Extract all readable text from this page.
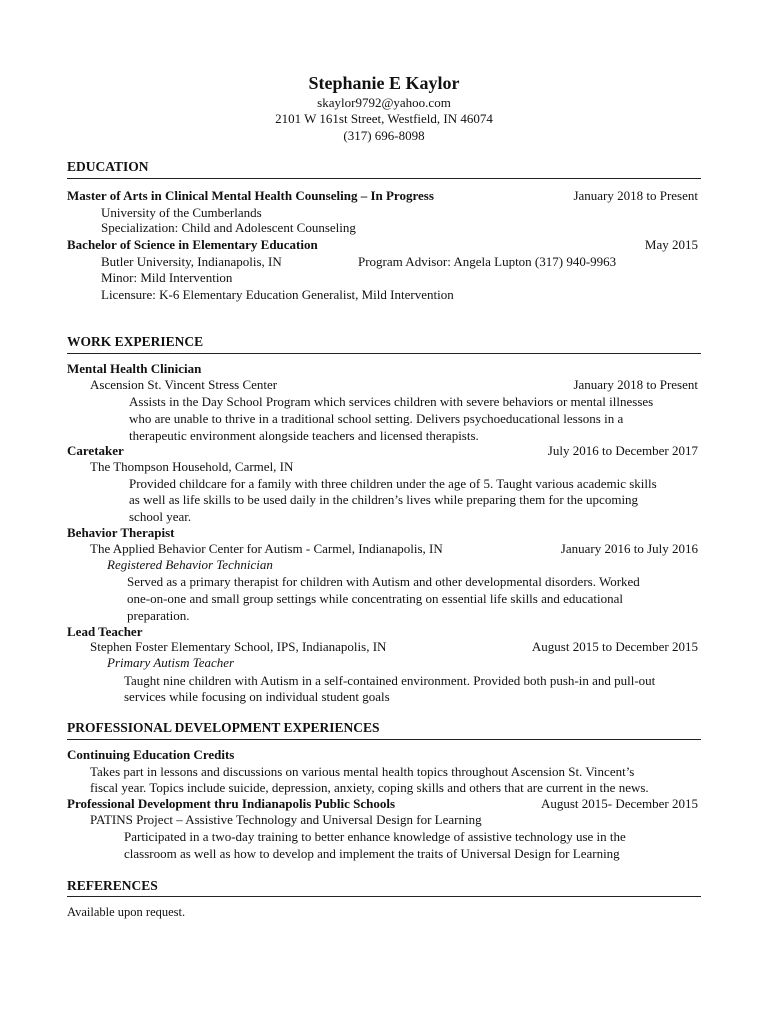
Stephanie E Kaylor
skaylor9792@yahoo.com
2101 W 161st Street, Westfield, IN 46074
(317) 696-8098
EDUCATION
Master of Arts in Clinical Mental Health Counseling – In Progress	January 2018 to Present
University of the Cumberlands
Specialization: Child and Adolescent Counseling
Bachelor of Science in Elementary Education	May 2015
Butler University, Indianapolis, IN	Program Advisor: Angela Lupton (317) 940-9963
Minor: Mild Intervention
Licensure: K-6 Elementary Education Generalist, Mild Intervention
WORK EXPERIENCE
Mental Health Clinician
Ascension St. Vincent Stress Center	January 2018 to Present
Assists in the Day School Program which services children with severe behaviors or mental illnesses
who are unable to thrive in a traditional school setting. Delivers psychoeducational lessons in a
therapeutic environment alongside teachers and licensed therapists.
Caretaker	July 2016 to December 2017
The Thompson Household, Carmel, IN
Provided childcare for a family with three children under the age of 5. Taught various academic skills
as well as life skills to be used daily in the children’s lives while preparing them for the upcoming
school year.
Behavior Therapist
The Applied Behavior Center for Autism - Carmel, Indianapolis, IN	January 2016 to July 2016
Registered Behavior Technician
Served as a primary therapist for children with Autism and other developmental disorders. Worked
one-on-one and small group settings while concentrating on essential life skills and educational
preparation.
Lead Teacher
Stephen Foster Elementary School, IPS, Indianapolis, IN	August 2015 to December 2015
Primary Autism Teacher
Taught nine children with Autism in a self-contained environment. Provided both push-in and pull-out
services while focusing on individual student goals
PROFESSIONAL DEVELOPMENT EXPERIENCES
Continuing Education Credits
Takes part in lessons and discussions on various mental health topics throughout Ascension St. Vincent’s
fiscal year. Topics include suicide, depression, anxiety, coping skills and others that are current in the news.
Professional Development thru Indianapolis Public Schools	August 2015- December 2015
PATINS Project – Assistive Technology and Universal Design for Learning
Participated in a two-day training to better enhance knowledge of assistive technology use in the
classroom as well as how to develop and implement the traits of Universal Design for Learning
REFERENCES
Available upon request.
